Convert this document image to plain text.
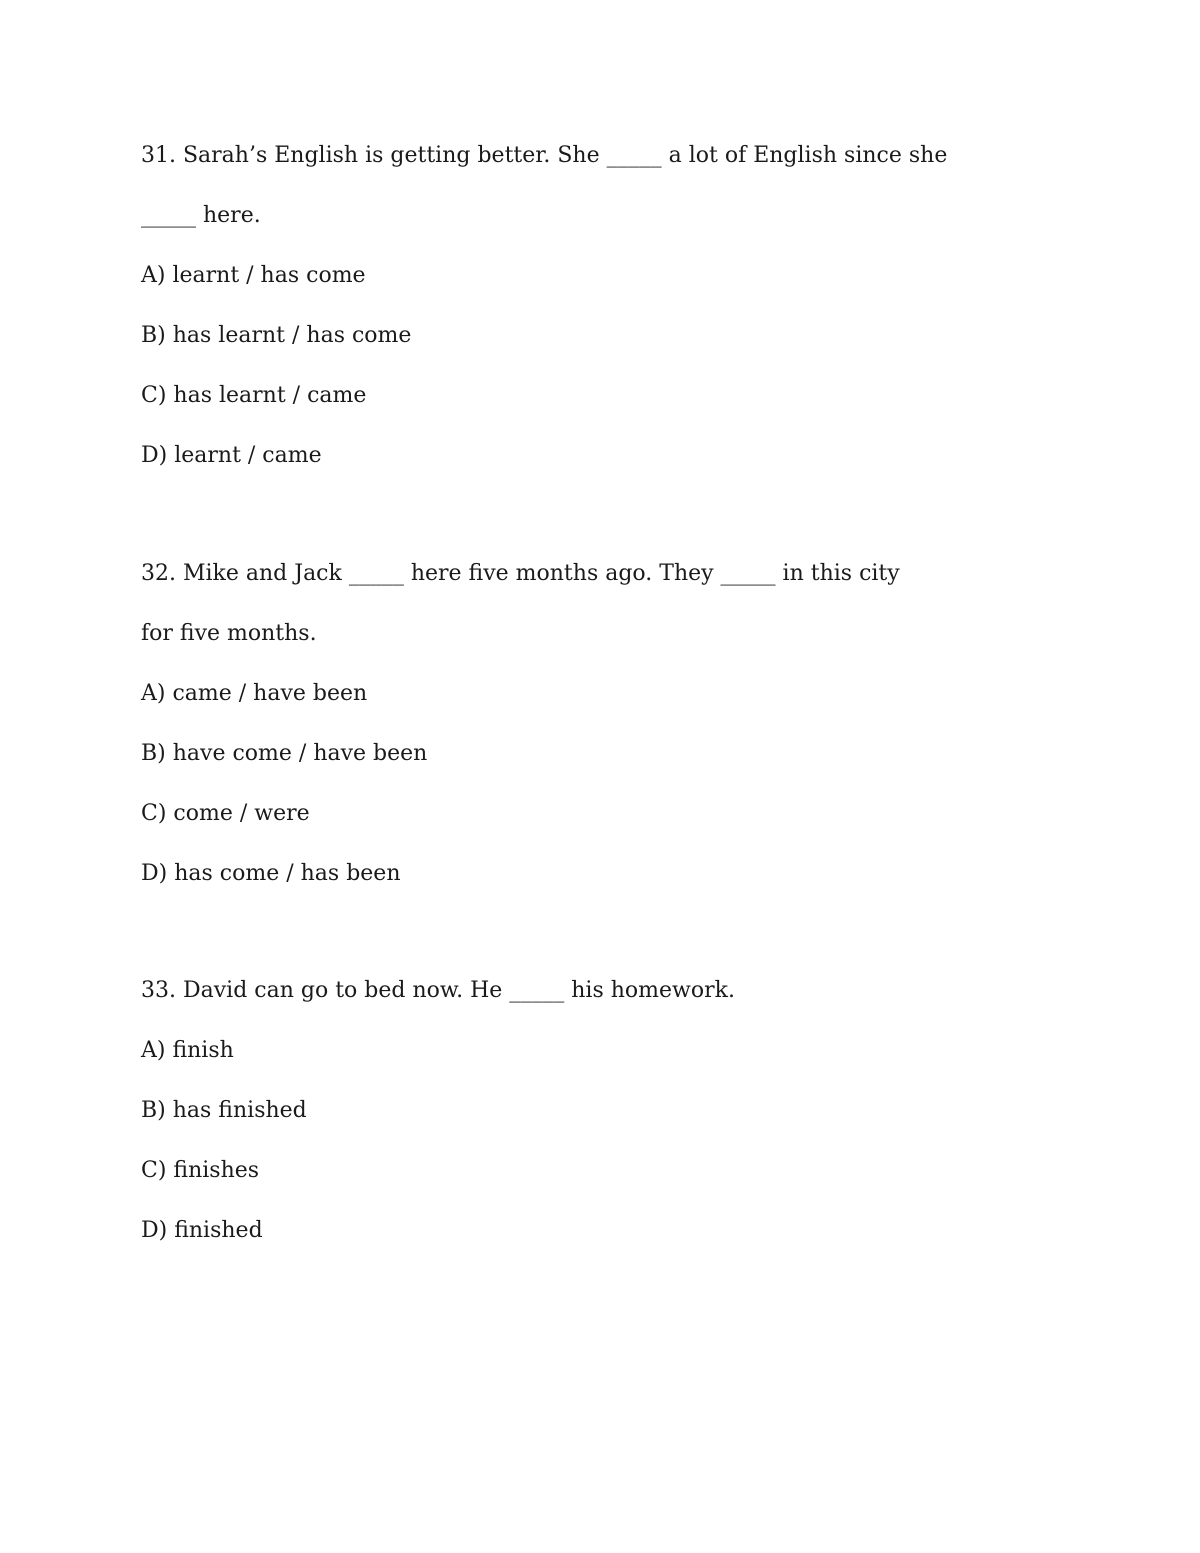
31. Sarah’s English is getting better. She _____ a lot of English since she

_____ here.

A) learnt / has come

B) has learnt / has come

C) has learnt / came

D) learnt / came

32. Mike and Jack _____ here five months ago. They _____ in this city

for five months.

A) came / have been

B) have come / have been

C) come / were

D) has come / has been

33. David can go to bed now. He _____ his homework.

A) finish

B) has finished

C) finishes

D) finished
